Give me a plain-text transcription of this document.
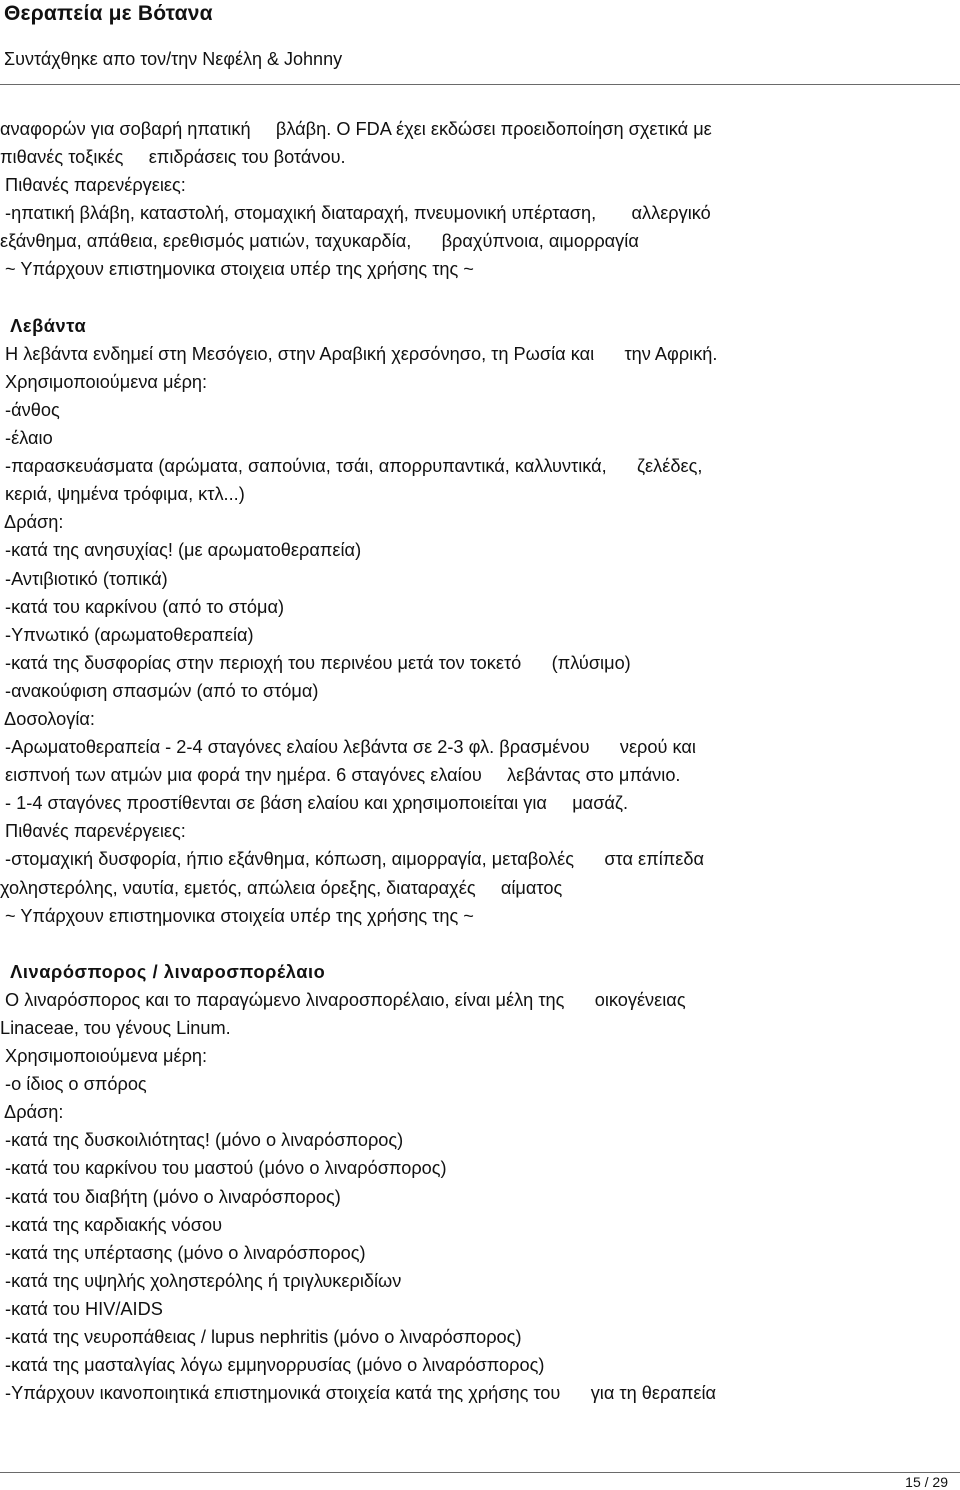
Θεραπεία με Βότανα
Συντάχθηκε απο τον/την Νεφέλη & Johnny
αναφορών για σοβαρή ηπατική     βλάβη. Ο FDA έχει εκδώσει προειδοποίηση σχετικά με
πιθανές τοξικές     επιδράσεις του βοτάνου.
Πιθανές παρενέργειες:
-ηπατική βλάβη, καταστολή, στομαχική διαταραχή, πνευμονική υπέρταση,       αλλεργικό
εξάνθημα, απάθεια, ερεθισμός ματιών, ταχυκαρδία,      βραχύπνοια, αιμορραγία
~ Υπάρχουν επιστημονικα στοιχεια υπέρ της χρήσης της ~
Λεβάντα
Η λεβάντα ενδημεί στη Μεσόγειο, στην Αραβική χερσόνησο, τη Ρωσία και      την Αφρική.
Χρησιμοποιούμενα μέρη:
-άνθος
-έλαιο
-παρασκευάσματα (αρώματα, σαπούνια, τσάι, απορρυπαντικά, καλλυντικά,      ζελέδες,
κεριά, ψημένα τρόφιμα, κτλ...)
Δράση:
-κατά της ανησυχίας! (με αρωματοθεραπεία)
-Αντιβιοτικό (τοπικά)
-κατά του καρκίνου (από το στόμα)
-Υπνωτικό (αρωματοθεραπεία)
-κατά της δυσφορίας στην περιοχή του περινέου μετά τον τοκετό      (πλύσιμο)
-ανακούφιση σπασμών (από το στόμα)
Δοσολογία:
-Αρωματοθεραπεία - 2-4 σταγόνες ελαίου λεβάντα σε 2-3 φλ. βρασμένου      νερού και
εισπνοή των ατμών μια φορά την ημέρα. 6 σταγόνες ελαίου     λεβάντας στο μπάνιο.
- 1-4 σταγόνες προστίθενται σε βάση ελαίου και χρησιμοποιείται για     μασάζ.
Πιθανές παρενέργειες:
-στομαχική δυσφορία, ήπιο εξάνθημα, κόπωση, αιμορραγία, μεταβολές      στα επίπεδα
χοληστερόλης, ναυτία, εμετός, απώλεια όρεξης, διαταραχές     αίματος
~ Υπάρχουν επιστημονικα στοιχεία υπέρ της χρήσης της ~
Λιναρόσπορος / λιναροσπορέλαιο
Ο λιναρόσπορος και το παραγώμενο λιναροσπορέλαιο, είναι μέλη της      οικογένειας
Linaceae, του γένους Linum.
Χρησιμοποιούμενα μέρη:
-ο ίδιος ο σπόρος
Δράση:
-κατά της δυσκοιλιότητας! (μόνο ο λιναρόσπορος)
-κατά του καρκίνου του μαστού (μόνο ο λιναρόσπορος)
-κατά του διαβήτη (μόνο ο λιναρόσπορος)
-κατά της καρδιακής νόσου
-κατά της υπέρτασης (μόνο ο λιναρόσπορος)
-κατά της υψηλής χοληστερόλης ή τριγλυκεριδίων
-κατά του HIV/AIDS
-κατά της νευροπάθειας / lupus nephritis (μόνο ο λιναρόσπορος)
-κατά της μασταλγίας λόγω εμμηνορρυσίας (μόνο ο λιναρόσπορος)
-Υπάρχουν ικανοποιητικά επιστημονικά στοιχεία κατά της χρήσης του      για τη θεραπεία
15 / 29
